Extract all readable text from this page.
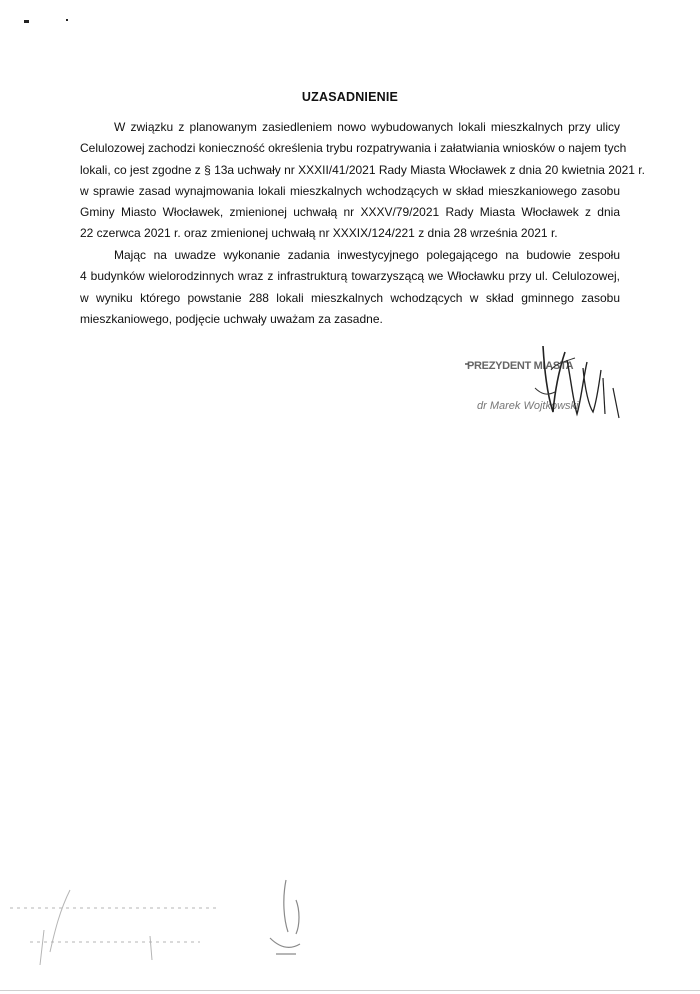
UZASADNIENIE
W związku z planowanym zasiedleniem nowo wybudowanych lokali mieszkalnych przy ulicy
Celulozowej zachodzi konieczność określenia trybu rozpatrywania i załatwiania wniosków o najem tych
lokali, co jest zgodne z § 13a uchwały nr XXXII/41/2021 Rady Miasta Włocławek z dnia 20 kwietnia 2021 r.
w sprawie zasad wynajmowania lokali mieszkalnych wchodzących w skład mieszkaniowego zasobu
Gminy Miasto Włocławek, zmienionej uchwałą nr XXXV/79/2021 Rady Miasta Włocławek z dnia
22 czerwca 2021 r. oraz zmienionej uchwałą nr XXXIX/124/221 z dnia 28 września 2021 r.
Mając na uwadze wykonanie zadania inwestycyjnego polegającego na budowie zespołu
4 budynków wielorodzinnych wraz z infrastrukturą towarzyszącą we Włocławku przy ul. Celulozowej,
w wyniku którego powstanie 288 lokali mieszkalnych wchodzących w skład gminnego zasobu
mieszkaniowego, podjęcie uchwały uważam za zasadne.
PREZYDENT MIASTA
dr Marek Wojtkowski
